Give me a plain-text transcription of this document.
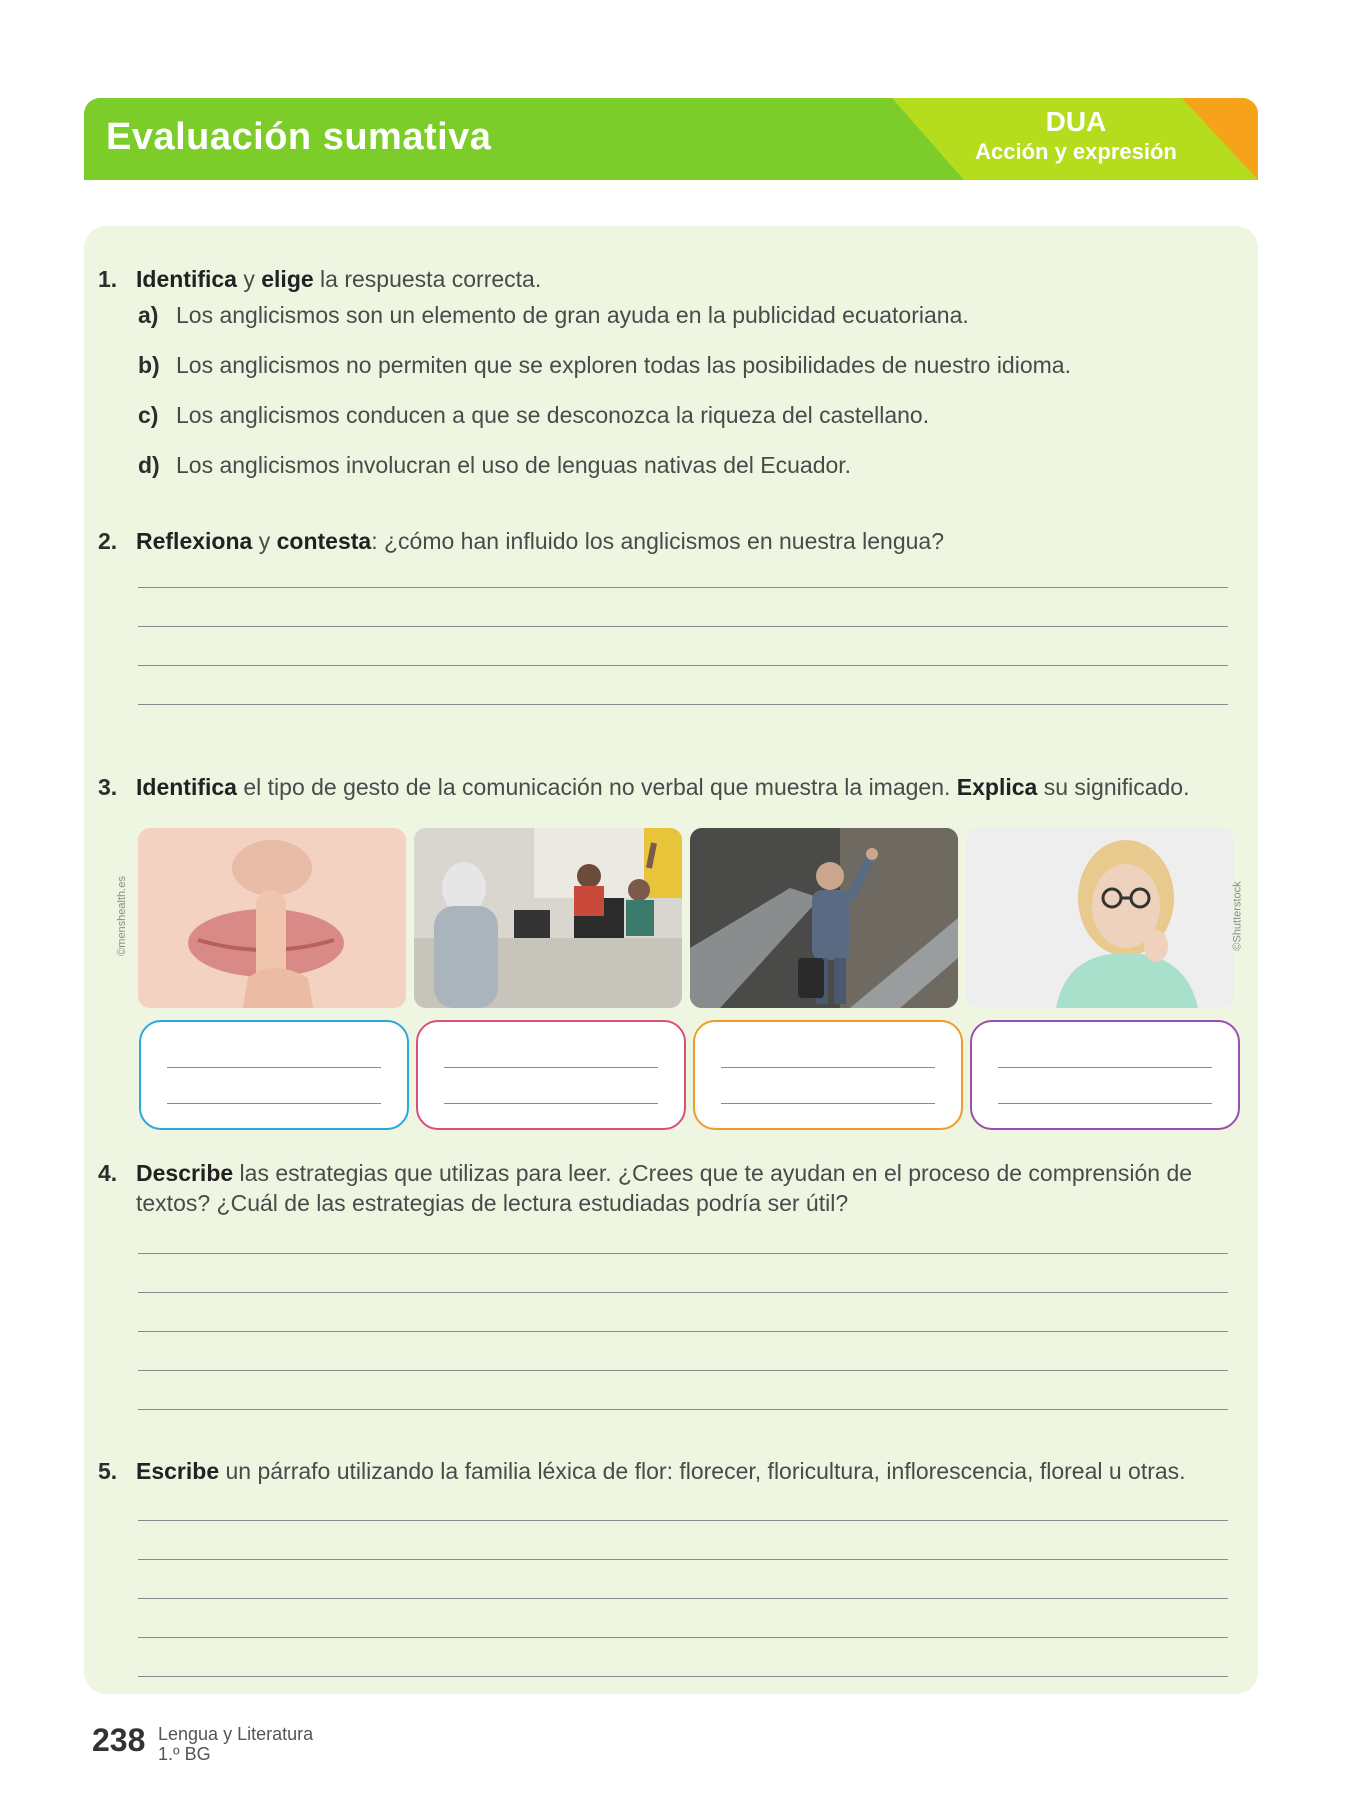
Evaluación sumativa	DUA
Acción y expresión
1. Identifica y elige la respuesta correcta.
a) Los anglicismos son un elemento de gran ayuda en la publicidad ecuatoriana.
b) Los anglicismos no permiten que se exploren todas las posibilidades de nuestro idioma.
c) Los anglicismos conducen a que se desconozca la riqueza del castellano.
d) Los anglicismos involucran el uso de lenguas nativas del Ecuador.
2. Reflexiona y contesta: ¿cómo han influido los anglicismos en nuestra lengua?
3. Identifica el tipo de gesto de la comunicación no verbal que muestra la imagen. Explica su significado.
©menshealth.es	©Shutterstock
4. Describe las estrategias que utilizas para leer. ¿Crees que te ayudan en el proceso de comprensión de textos? ¿Cuál de las estrategias de lectura estudiadas podría ser útil?
5. Escribe un párrafo utilizando la familia léxica de flor: florecer, floricultura, inflorescencia, floreal u otras.
238 Lengua y Literatura
1.º BG
